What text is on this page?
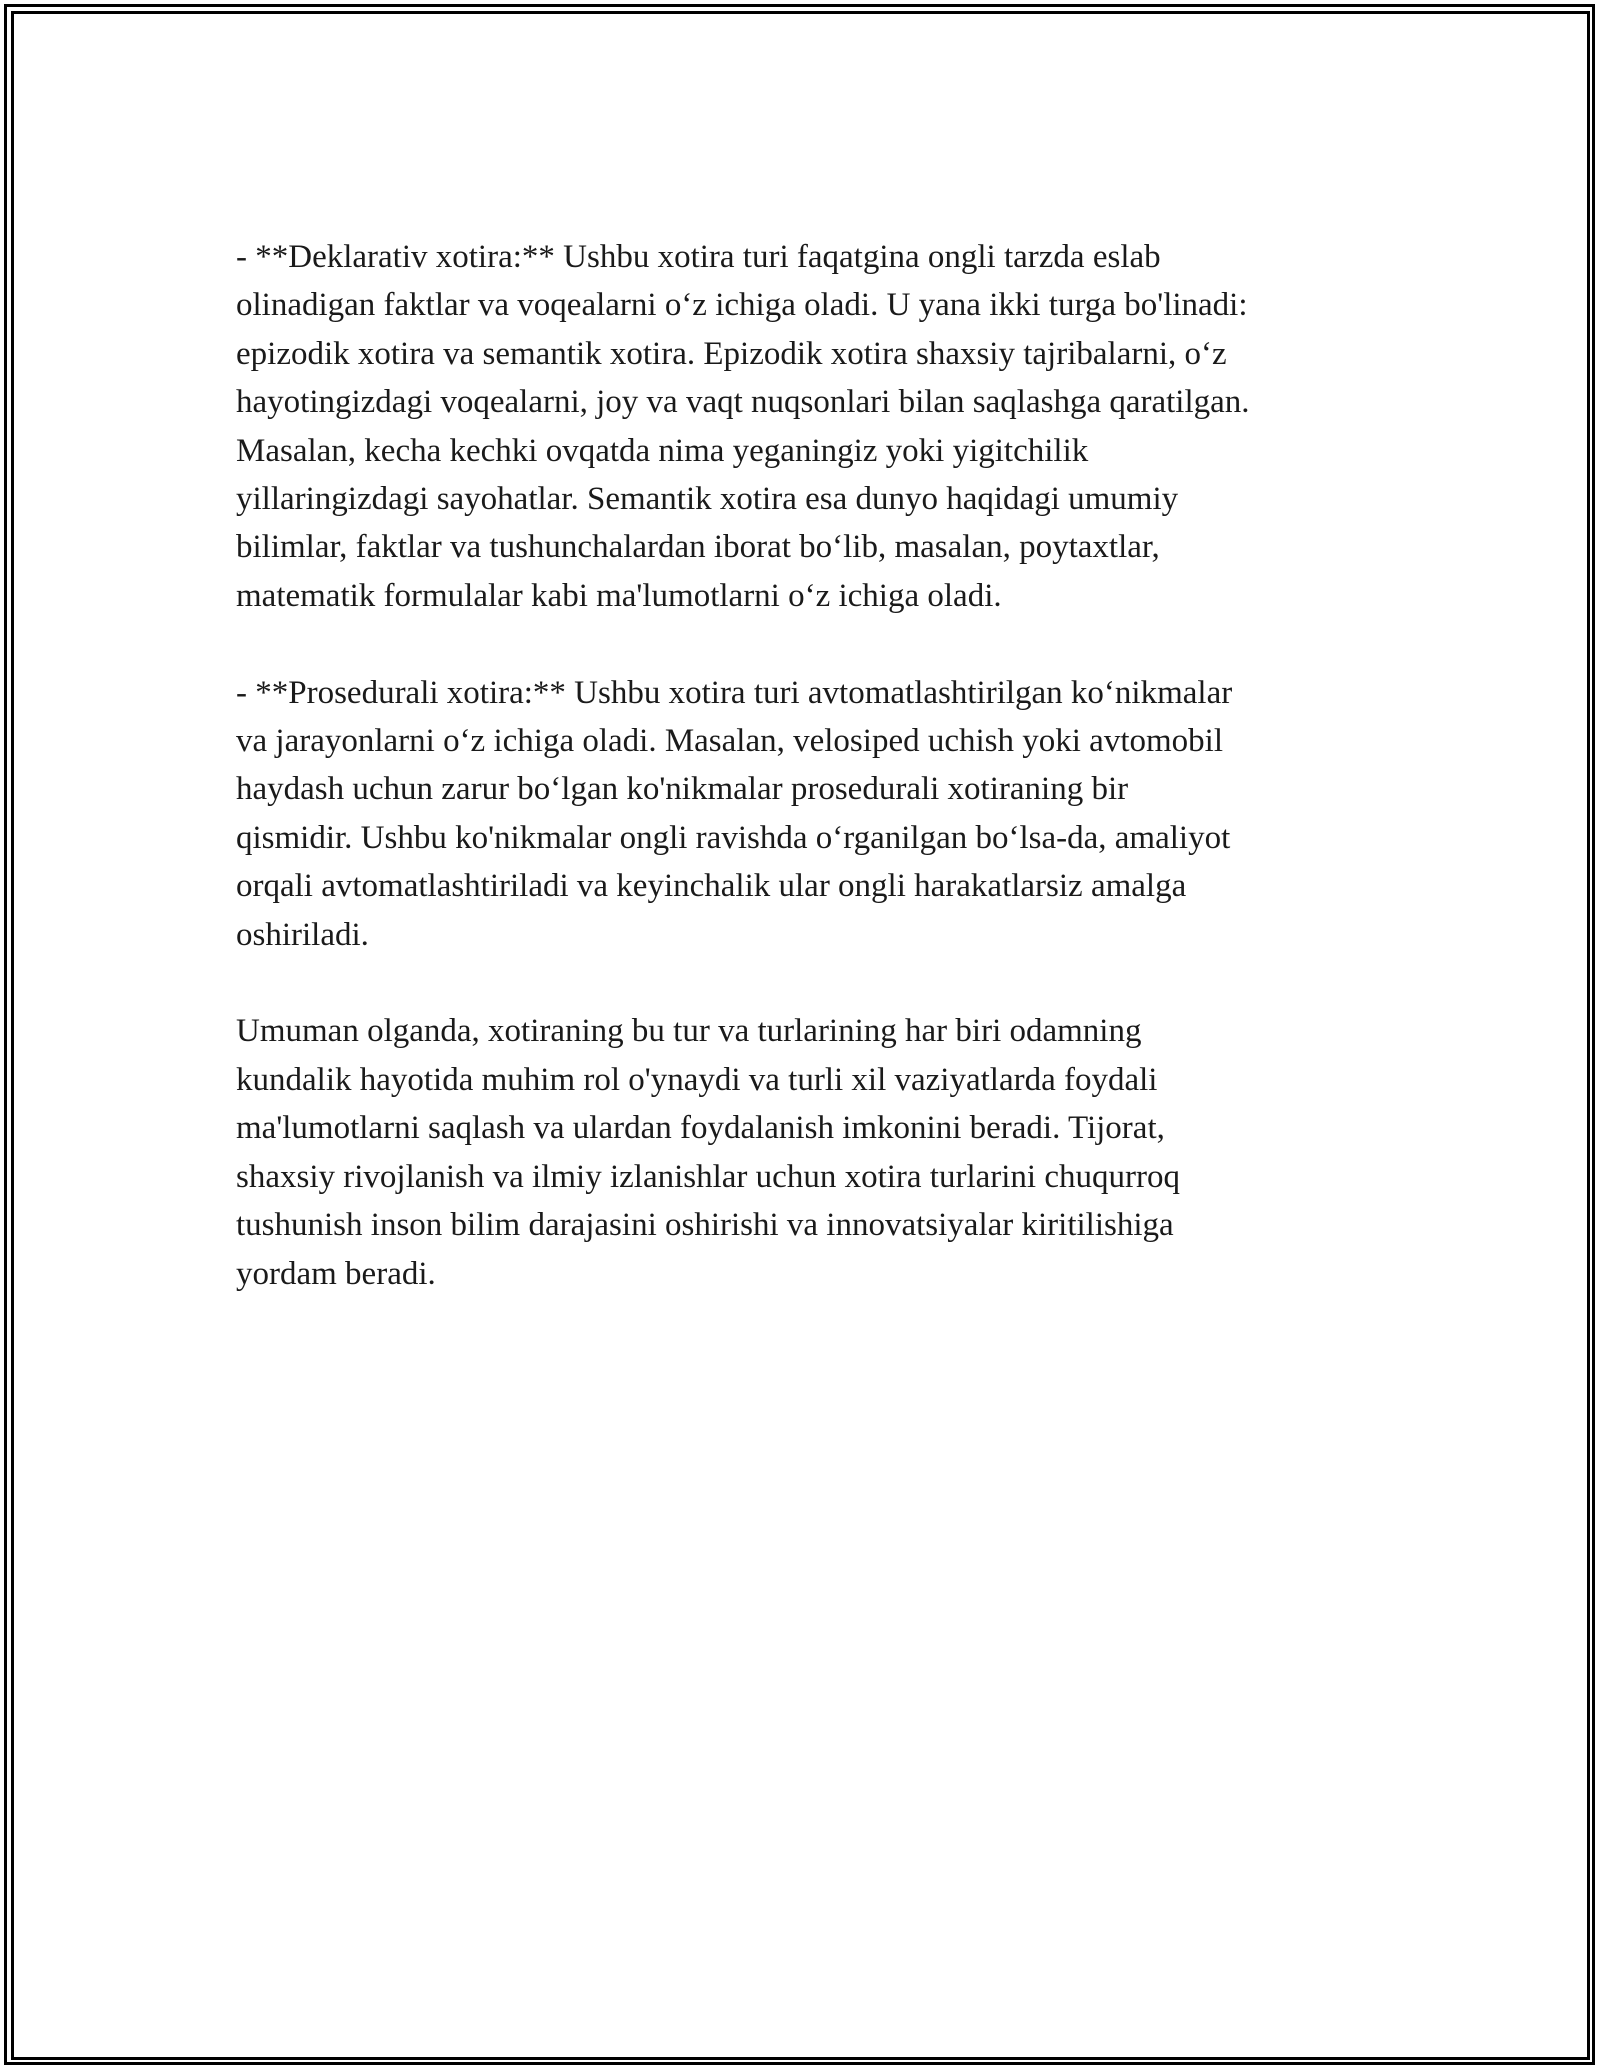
- **Deklarativ xotira:** Ushbu xotira turi faqatgina ongli tarzda eslab
olinadigan faktlar va voqealarni o‘z ichiga oladi. U yana ikki turga bo'linadi:
epizodik xotira va semantik xotira. Epizodik xotira shaxsiy tajribalarni, o‘z
hayotingizdagi voqealarni, joy va vaqt nuqsonlari bilan saqlashga qaratilgan.
Masalan, kecha kechki ovqatda nima yeganingiz yoki yigitchilik
yillaringizdagi sayohatlar. Semantik xotira esa dunyo haqidagi umumiy
bilimlar, faktlar va tushunchalardan iborat bo‘lib, masalan, poytaxtlar,
matematik formulalar kabi ma'lumotlarni o‘z ichiga oladi.

- **Prosedurali xotira:** Ushbu xotira turi avtomatlashtirilgan ko‘nikmalar
va jarayonlarni o‘z ichiga oladi. Masalan, velosiped uchish yoki avtomobil
haydash uchun zarur bo‘lgan ko'nikmalar prosedurali xotiraning bir
qismidir. Ushbu ko'nikmalar ongli ravishda o‘rganilgan bo‘lsa-da, amaliyot
orqali avtomatlashtiriladi va keyinchalik ular ongli harakatlarsiz amalga
oshiriladi.

Umuman olganda, xotiraning bu tur va turlarining har biri odamning
kundalik hayotida muhim rol o'ynaydi va turli xil vaziyatlarda foydali
ma'lumotlarni saqlash va ulardan foydalanish imkonini beradi. Tijorat,
shaxsiy rivojlanish va ilmiy izlanishlar uchun xotira turlarini chuqurroq
tushunish inson bilim darajasini oshirishi va innovatsiyalar kiritilishiga
yordam beradi.
